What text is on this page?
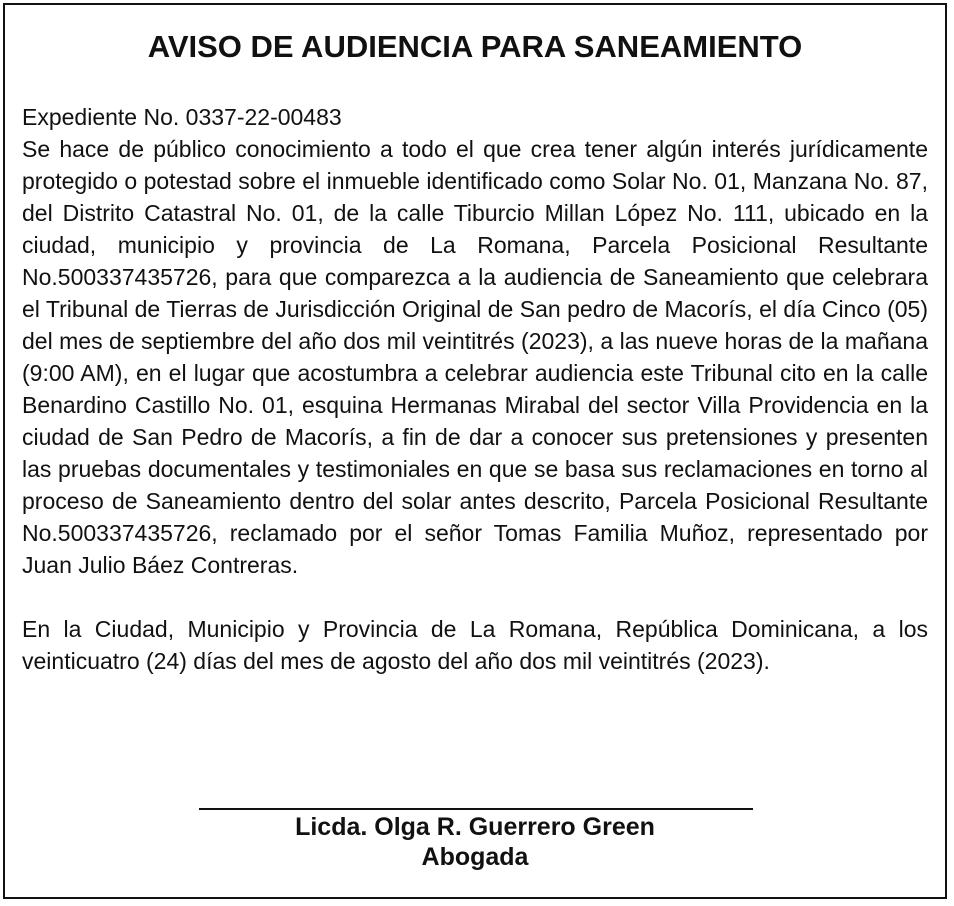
AVISO DE AUDIENCIA PARA SANEAMIENTO

Expediente No. 0337-22-00483

Se hace de público conocimiento a todo el que crea tener algún interés jurídicamente protegido o potestad sobre el inmueble identificado como Solar No. 01, Manzana No. 87, del Distrito Catastral No. 01, de la calle Tiburcio Millan López No. 111, ubicado en la ciudad, municipio y provincia de La Romana, Parcela Posicional Resultante No.500337435726, para que comparezca a la audiencia de Saneamiento que celebrara el Tribunal de Tierras de Jurisdicción Original de San pedro de Macorís, el día Cinco (05) del mes de septiembre del año dos mil veintitrés (2023), a las nueve horas de la mañana (9:00 AM), en el lugar que acostumbra a celebrar audiencia este Tribunal cito en la calle Benardino Castillo No. 01, esquina Hermanas Mirabal del sector Villa Providencia en la ciudad de San Pedro de Macorís, a fin de dar a conocer sus pretensiones y presenten las pruebas documentales y testimoniales en que se basa sus reclamaciones en torno al proceso de Saneamiento dentro del solar antes descrito, Parcela Posicional Resultante No.500337435726, reclamado por el señor Tomas Familia Muñoz, representado por Juan Julio Báez Contreras.

En la Ciudad, Municipio y Provincia de La Romana, República Dominicana, a los veinticuatro (24) días del mes de agosto del año dos mil veintitrés (2023).

Licda. Olga R. Guerrero Green
Abogada
